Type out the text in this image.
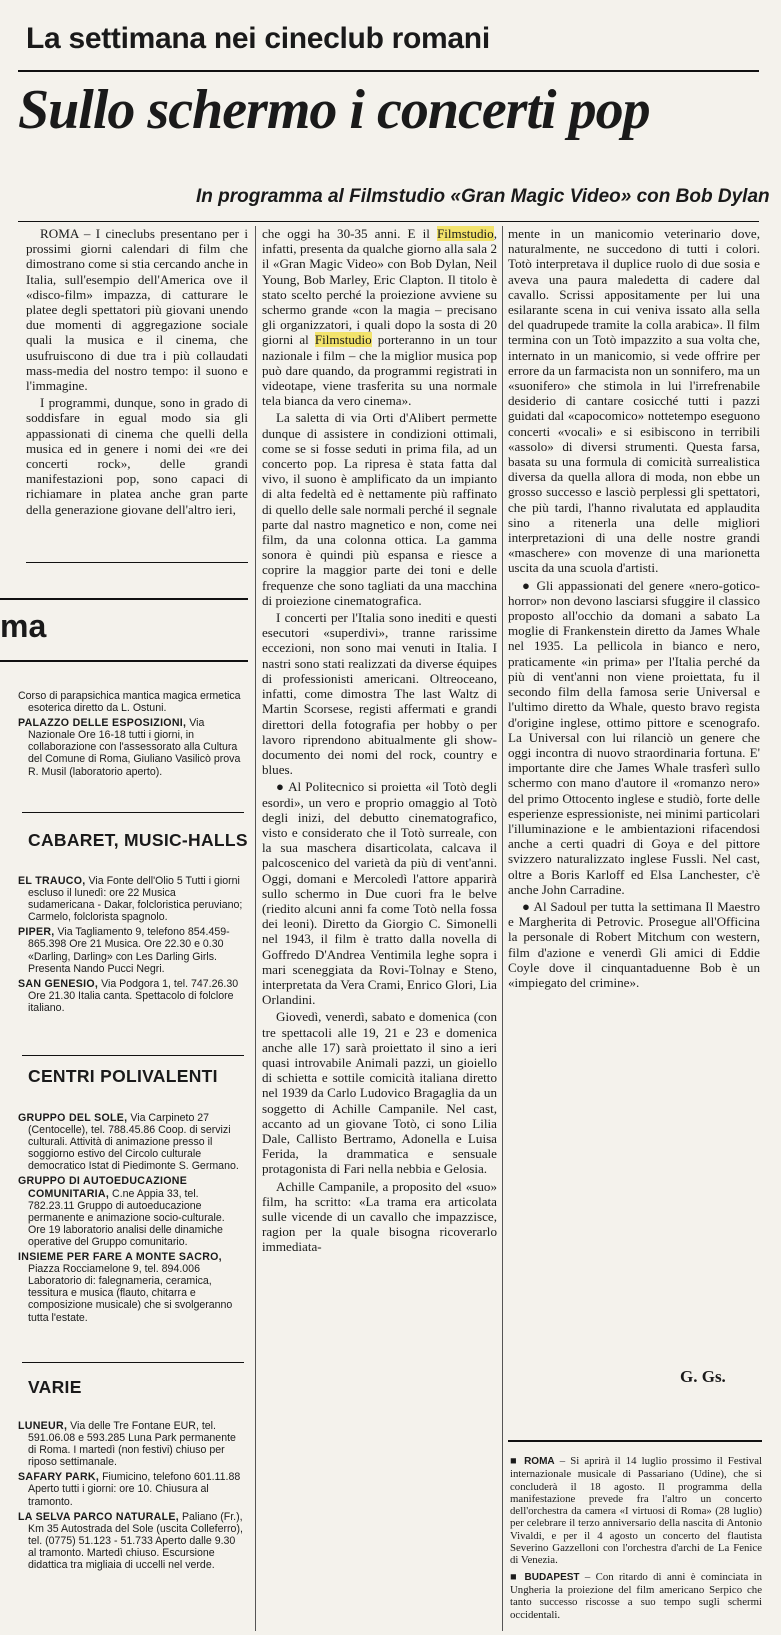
La settimana nei cineclub romani
Sullo schermo i concerti pop
In programma al Filmstudio «Gran Magic Video» con Bob Dylan

ROMA – I cineclubs presentano per i prossimi giorni calendari di film che dimostrano come si stia cercando anche in Italia, sull'esempio dell'America ove il «disco-film» impazza, di catturare le platee degli spettatori più giovani unendo due momenti di aggregazione sociale quali la musica e il cinema, che usufruiscono di due tra i più collaudati mass-media del nostro tempo: il suono e l'immagine.

I programmi, dunque, sono in grado di soddisfare in egual modo sia gli appassionati di cinema che quelli della musica ed in genere i nomi dei «re dei concerti rock», delle grandi manifestazioni pop, sono capaci di richiamare in platea anche gran parte della generazione giovane dell'altro ieri,

che oggi ha 30-35 anni. E il Filmstudio, infatti, presenta da qualche giorno alla sala 2 il «Gran Magic Video» con Bob Dylan, Neil Young, Bob Marley, Eric Clapton. Il titolo è stato scelto perché la proiezione avviene su schermo grande «con la magia – precisano gli organizzatori, i quali dopo la sosta di 20 giorni al Filmstudio porteranno in un tour nazionale i film – che la miglior musica pop può dare quando, da programmi registrati in videotape, viene trasferita su una normale tela bianca da vero cinema».

La saletta di via Orti d'Alibert permette dunque di assistere in condizioni ottimali, come se si fosse seduti in prima fila, ad un concerto pop. La ripresa è stata fatta dal vivo, il suono è amplificato da un impianto di alta fedeltà ed è nettamente più raffinato di quello delle sale normali perché il segnale parte dal nastro magnetico e non, come nei film, da una colonna ottica. La gamma sonora è quindi più espansa e riesce a coprire la maggior parte dei toni e delle frequenze che sono tagliati da una macchina di proiezione cinematografica.

I concerti per l'Italia sono inediti e questi esecutori «superdivi», tranne rarissime eccezioni, non sono mai venuti in Italia. I nastri sono stati realizzati da diverse équipes di professionisti americani. Oltreoceano, infatti, come dimostra The last Waltz di Martin Scorsese, registi affermati e grandi direttori della fotografia per hobby o per lavoro riprendono abitualmente gli show-documento dei nomi del rock, country e blues.

● Al Politecnico si proietta «il Totò degli esordi», un vero e proprio omaggio al Totò degli inizi, del debutto cinematografico, visto e considerato che il Totò surreale, con la sua maschera disarticolata, calcava il palcoscenico del varietà da più di vent'anni. Oggi, domani e Mercoledì l'attore apparirà sullo schermo in Due cuori fra le belve (riedito alcuni anni fa come Totò nella fossa dei leoni). Diretto da Giorgio C. Simonelli nel 1943, il film è tratto dalla novella di Goffredo D'Andrea Ventimila leghe sopra i mari sceneggiata da Rovi-Tolnay e Steno, interpretata da Vera Crami, Enrico Glori, Lia Orlandini.

Giovedì, venerdì, sabato e domenica (con tre spettacoli alle 19, 21 e 23 e domenica anche alle 17) sarà proiettato il sino a ieri quasi introvabile Animali pazzi, un gioiello di schietta e sottile comicità italiana diretto nel 1939 da Carlo Ludovico Bragaglia da un soggetto di Achille Campanile. Nel cast, accanto ad un giovane Totò, ci sono Lilia Dale, Callisto Bertramo, Adonella e Luisa Ferida, la drammatica e sensuale protagonista di Fari nella nebbia e Gelosia.

Achille Campanile, a proposito del «suo» film, ha scritto: «La trama era articolata sulle vicende di un cavallo che impazzisce, ragion per la quale bisogna ricoverarlo immediata-

mente in un manicomio veterinario dove, naturalmente, ne succedono di tutti i colori. Totò interpretava il duplice ruolo di due sosia e aveva una paura maledetta di cadere dal cavallo. Scrissi appositamente per lui una esilarante scena in cui veniva issato alla sella del quadrupede tramite la colla arabica». Il film termina con un Totò impazzito a sua volta che, internato in un manicomio, si vede offrire per errore da un farmacista non un sonnifero, ma un «suonifero» che stimola in lui l'irrefrenabile desiderio di cantare cosicché tutti i pazzi guidati dal «capocomico» nottetempo eseguono concerti «vocali» e si esibiscono in terribili «assolo» di diversi strumenti. Questa farsa, basata su una formula di comicità surrealistica diversa da quella allora di moda, non ebbe un grosso successo e lasciò perplessi gli spettatori, che più tardi, l'hanno rivalutata ed applaudita sino a ritenerla una delle migliori interpretazioni di una delle nostre grandi «maschere» con movenze di una marionetta uscita da una scuola d'artisti.

● Gli appassionati del genere «nero-gotico-horror» non devono lasciarsi sfuggire il classico proposto all'occhio da domani a sabato La moglie di Frankenstein diretto da James Whale nel 1935. La pellicola in bianco e nero, praticamente «in prima» per l'Italia perché da più di vent'anni non viene proiettata, fu il secondo film della famosa serie Universal e l'ultimo diretto da Whale, questo bravo regista d'origine inglese, ottimo pittore e scenografo. La Universal con lui rilanciò un genere che oggi incontra di nuovo straordinaria fortuna. E' importante dire che James Whale trasferì sullo schermo con mano d'autore il «romanzo nero» del primo Ottocento inglese e studiò, forte delle esperienze espressioniste, nei minimi particolari l'illuminazione e le ambientazioni rifacendosi anche a certi quadri di Goya e del pittore svizzero naturalizzato inglese Fussli. Nel cast, oltre a Boris Karloff ed Elsa Lanchester, c'è anche John Carradine.

● Al Sadoul per tutta la settimana Il Maestro e Margherita di Petrovic. Prosegue all'Officina la personale di Robert Mitchum con western, film d'azione e venerdì Gli amici di Eddie Coyle dove il cinquantaduenne Bob è un «impiegato del crimine».

G. Gs.

■ ROMA – Si aprirà il 14 luglio prossimo il Festival internazionale musicale di Passariano (Udine), che si concluderà il 18 agosto. Il programma della manifestazione prevede fra l'altro un concerto dell'orchestra da camera «I virtuosi di Roma» (28 luglio) per celebrare il terzo anniversario della nascita di Antonio Vivaldi, e per il 4 agosto un concerto del flautista Severino Gazzelloni con l'orchestra d'archi de La Fenice di Venezia.

■ BUDAPEST – Con ritardo di anni è cominciata in Ungheria la proiezione del film americano Serpico che tanto successo riscosse a suo tempo sugli schermi occidentali.

ma

Corso di parapsichica mantica magica ermetica esoterica diretto da L. Ostuni.

PALAZZO DELLE ESPOSIZIONI, Via Nazionale Ore 16-18 tutti i giorni, in collaborazione con l'assessorato alla Cultura del Comune di Roma, Giuliano Vasilicò prova R. Musil (laboratorio aperto).

CABARET, MUSIC-HALLS

EL TRAUCO, Via Fonte dell'Olio 5 Tutti i giorni escluso il lunedì: ore 22 Musica sudamericana - Dakar, folcloristica peruviano; Carmelo, folclorista spagnolo.

PIPER, Via Tagliamento 9, telefono 854.459-865.398 Ore 21 Musica. Ore 22.30 e 0.30 «Darling, Darling» con Les Darling Girls. Presenta Nando Pucci Negri.

SAN GENESIO, Via Podgora 1, tel. 747.26.30 Ore 21.30 Italia canta. Spettacolo di folclore italiano.

CENTRI POLIVALENTI

GRUPPO DEL SOLE, Via Carpineto 27 (Centocelle), tel. 788.45.86 Coop. di servizi culturali. Attività di animazione presso il soggiorno estivo del Circolo culturale democratico Istat di Piedimonte S. Germano.

GRUPPO DI AUTOEDUCAZIONE COMUNITARIA, C.ne Appia 33, tel. 782.23.11 Gruppo di autoeducazione permanente e animazione socio-culturale. Ore 19 laboratorio analisi delle dinamiche operative del Gruppo comunitario.

INSIEME PER FARE A MONTE SACRO, Piazza Rocciamelone 9, tel. 894.006 Laboratorio di: falegnameria, ceramica, tessitura e musica (flauto, chitarra e composizione musicale) che si svolgeranno tutta l'estate.

VARIE

LUNEUR, Via delle Tre Fontane EUR, tel. 591.06.08 e 593.285 Luna Park permanente di Roma. I martedì (non festivi) chiuso per riposo settimanale.

SAFARY PARK, Fiumicino, telefono 601.11.88 Aperto tutti i giorni: ore 10. Chiusura al tramonto.

LA SELVA PARCO NATURALE, Paliano (Fr.), Km 35 Autostrada del Sole (uscita Colleferro), tel. (0775) 51.123 - 51.733 Aperto dalle 9.30 al tramonto. Martedì chiuso. Escursione didattica tra migliaia di uccelli nel verde.
